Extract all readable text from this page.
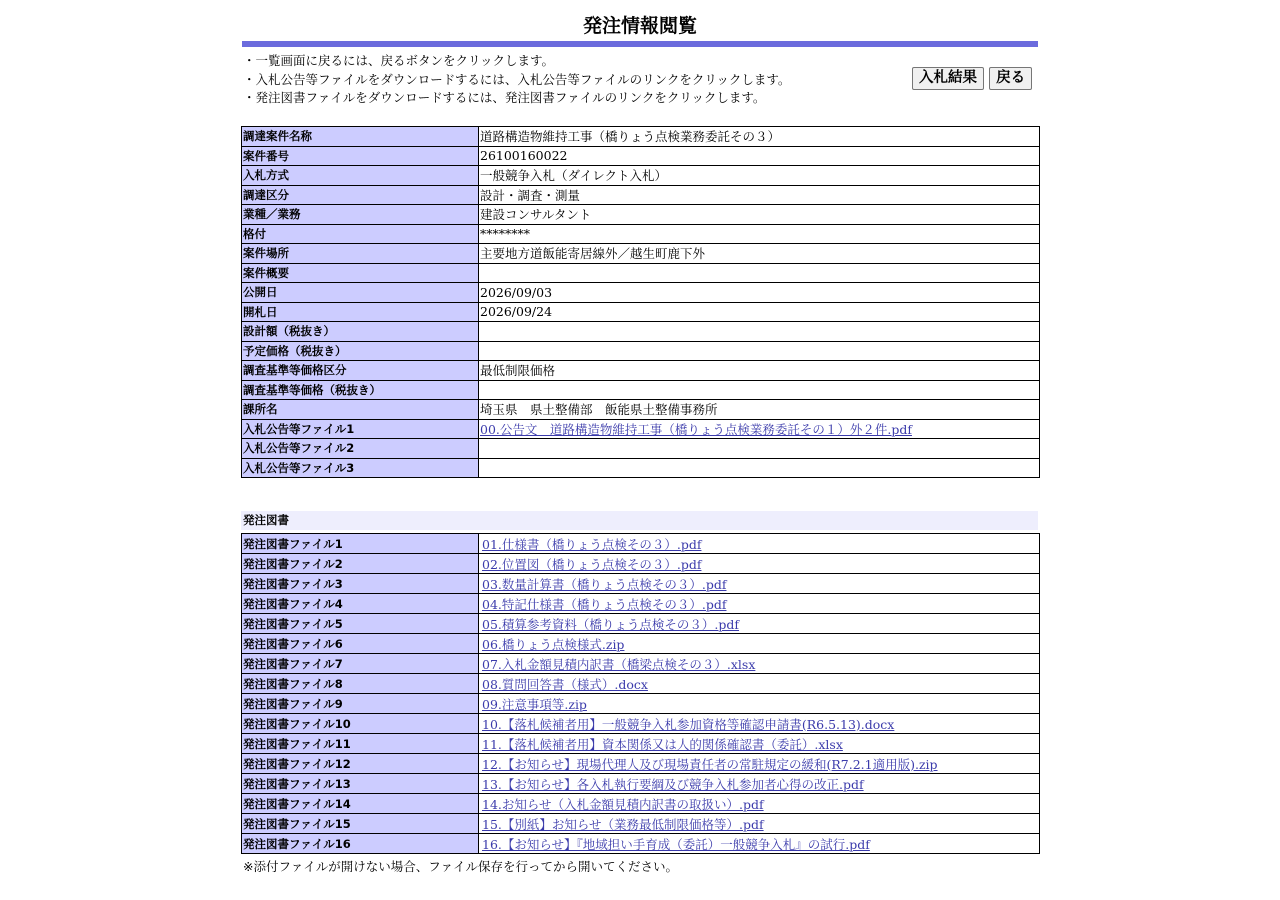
発注情報閲覧
・一覧画面に戻るには、戻るボタンをクリックします。
・入札公告等ファイルをダウンロードするには、入札公告等ファイルのリンクをクリックします。
・発注図書ファイルをダウンロードするには、発注図書ファイルのリンクをクリックします。
入札結果 戻る
調達案件名称	道路構造物維持工事（橋りょう点検業務委託その３）
案件番号	26100160022
入札方式	一般競争入札（ダイレクト入札）
調達区分	設計・調査・測量
業種／業務	建設コンサルタント
格付	********
案件場所	主要地方道飯能寄居線外／越生町鹿下外
案件概要	
公開日	2026/09/03
開札日	2026/09/24
設計額（税抜き）	
予定価格（税抜き）	
調査基準等価格区分	最低制限価格
調査基準等価格（税抜き）	
課所名	埼玉県　県土整備部　飯能県土整備事務所
入札公告等ファイル1	00.公告文　道路構造物維持工事（橋りょう点検業務委託その１）外２件.pdf
入札公告等ファイル2	
入札公告等ファイル3	
発注図書
発注図書ファイル1	01.仕様書（橋りょう点検その３）.pdf
発注図書ファイル2	02.位置図（橋りょう点検その３）.pdf
発注図書ファイル3	03.数量計算書（橋りょう点検その３）.pdf
発注図書ファイル4	04.特記仕様書（橋りょう点検その３）.pdf
発注図書ファイル5	05.積算参考資料（橋りょう点検その３）.pdf
発注図書ファイル6	06.橋りょう点検様式.zip
発注図書ファイル7	07.入札金額見積内訳書（橋梁点検その３）.xlsx
発注図書ファイル8	08.質問回答書（様式）.docx
発注図書ファイル9	09.注意事項等.zip
発注図書ファイル10	10.【落札候補者用】一般競争入札参加資格等確認申請書(R6.5.13).docx
発注図書ファイル11	11.【落札候補者用】資本関係又は人的関係確認書（委託）.xlsx
発注図書ファイル12	12.【お知らせ】現場代理人及び現場責任者の常駐規定の緩和(R7.2.1適用版).zip
発注図書ファイル13	13.【お知らせ】各入札執行要綱及び競争入札参加者心得の改正.pdf
発注図書ファイル14	14.お知らせ（入札金額見積内訳書の取扱い）.pdf
発注図書ファイル15	15.【別紙】お知らせ（業務最低制限価格等）.pdf
発注図書ファイル16	16.【お知らせ】『地域担い手育成（委託）一般競争入札』の試行.pdf
※添付ファイルが開けない場合、ファイル保存を行ってから開いてください。
